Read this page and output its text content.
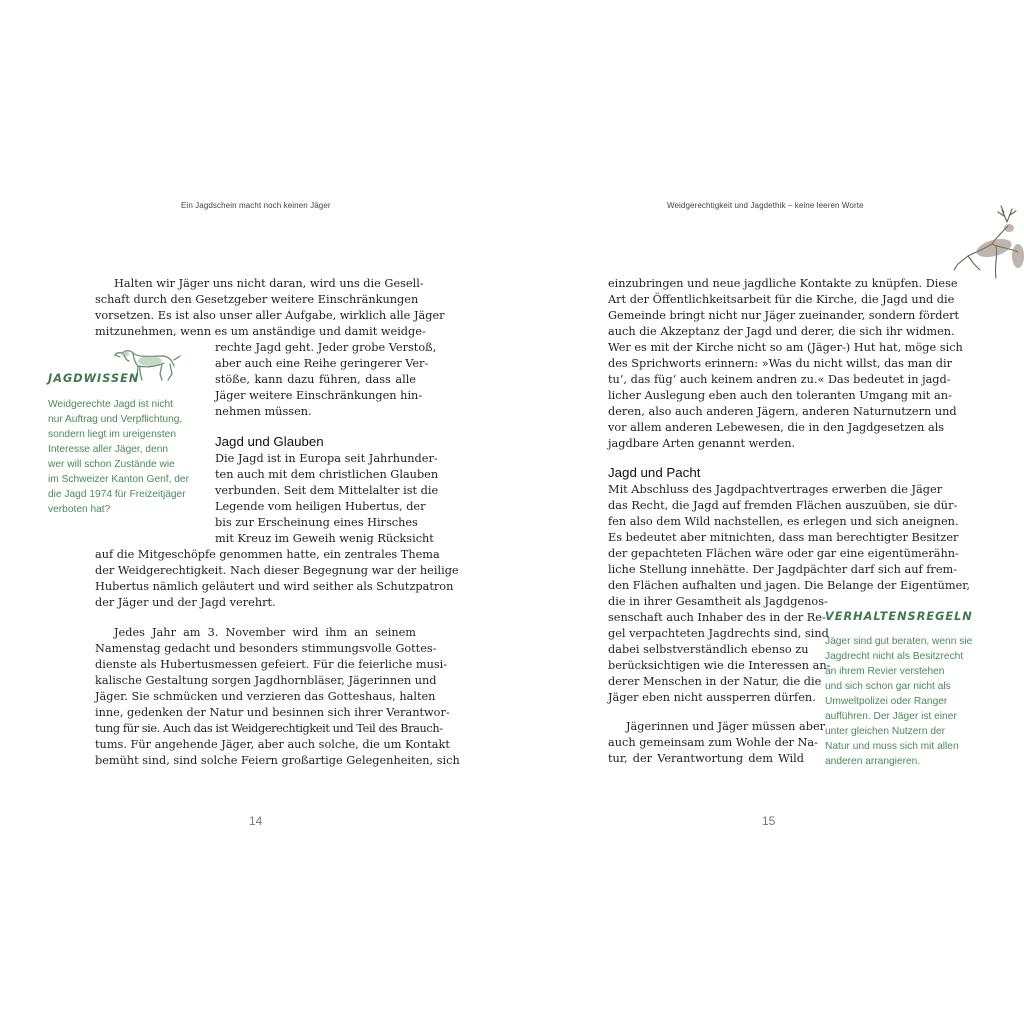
Ein Jagdschein macht noch keinen Jäger
Halten wir Jäger uns nicht daran, wird uns die Gesell-
schaft durch den Gesetzgeber weitere Einschränkungen
vorsetzen. Es ist also unser aller Aufgabe, wirklich alle Jäger
mitzunehmen, wenn es um anständige und damit weidge-
rechte Jagd geht. Jeder grobe Verstoß,
aber auch eine Reihe geringerer Ver-
stöße, kann dazu führen, dass alle
Jäger weitere Einschränkungen hin-
nehmen müssen.
Jagd und Glauben
Die Jagd ist in Europa seit Jahrhunder-
ten auch mit dem christlichen Glauben
verbunden. Seit dem Mittelalter ist die
Legende vom heiligen Hubertus, der
bis zur Erscheinung eines Hirsches
mit Kreuz im Geweih wenig Rücksicht
auf die Mitgeschöpfe genommen hatte, ein zentrales Thema
der Weidgerechtigkeit. Nach dieser Begegnung war der heilige
Hubertus nämlich geläutert und wird seither als Schutzpatron
der Jäger und der Jagd verehrt.
Jedes Jahr am 3. November wird ihm an seinem
Namenstag gedacht und besonders stimmungsvolle Gottes-
dienste als Hubertusmessen gefeiert. Für die feierliche musi-
kalische Gestaltung sorgen Jagdhornbläser, Jägerinnen und
Jäger. Sie schmücken und verzieren das Gotteshaus, halten
inne, gedenken der Natur und besinnen sich ihrer Verantwor-
tung für sie. Auch das ist Weidgerechtigkeit und Teil des Brauch-
tums. Für angehende Jäger, aber auch solche, die um Kontakt
bemüht sind, sind solche Feiern großartige Gelegenheiten, sich
JAGDWISSEN
Weidgerechte Jagd ist nicht
nur Auftrag und Verpflichtung,
sondern liegt im ureigensten
Interesse aller Jäger, denn
wer will schon Zustände wie
im Schweizer Kanton Genf, der
die Jagd 1974 für Freizeitjäger
verboten hat?
14
Weidgerechtigkeit und Jagdethik – keine leeren Worte
einzubringen und neue jagdliche Kontakte zu knüpfen. Diese
Art der Öffentlichkeitsarbeit für die Kirche, die Jagd und die
Gemeinde bringt nicht nur Jäger zueinander, sondern fördert
auch die Akzeptanz der Jagd und derer, die sich ihr widmen.
Wer es mit der Kirche nicht so am (Jäger-) Hut hat, möge sich
des Sprichworts erinnern: »Was du nicht willst, das man dir
tu‘, das füg‘ auch keinem andren zu.« Das bedeutet in jagd-
licher Auslegung eben auch den toleranten Umgang mit an-
deren, also auch anderen Jägern, anderen Naturnutzern und
vor allem anderen Lebewesen, die in den Jagdgesetzen als
jagdbare Arten genannt werden.
Jagd und Pacht
Mit Abschluss des Jagdpachtvertrages erwerben die Jäger
das Recht, die Jagd auf fremden Flächen auszuüben, sie dür-
fen also dem Wild nachstellen, es erlegen und sich aneignen.
Es bedeutet aber mitnichten, dass man berechtigter Besitzer
der gepachteten Flächen wäre oder gar eine eigentümerähn-
liche Stellung innehätte. Der Jagdpächter darf sich auf frem-
den Flächen aufhalten und jagen. Die Belange der Eigentümer,
die in ihrer Gesamtheit als Jagdgenos-
senschaft auch Inhaber des in der Re-
gel verpachteten Jagdrechts sind, sind
dabei selbstverständlich ebenso zu
berücksichtigen wie die Interessen an-
derer Menschen in der Natur, die die
Jäger eben nicht aussperren dürfen.
Jägerinnen und Jäger müssen aber
auch gemeinsam zum Wohle der Na-
tur, der Verantwortung dem Wild
VERHALTENSREGELN
Jäger sind gut beraten, wenn sie
Jagdrecht nicht als Besitzrecht
an ihrem Revier verstehen
und sich schon gar nicht als
Umweltpolizei oder Ranger
aufführen. Der Jäger ist einer
unter gleichen Nutzern der
Natur und muss sich mit allen
anderen arrangieren.
15
